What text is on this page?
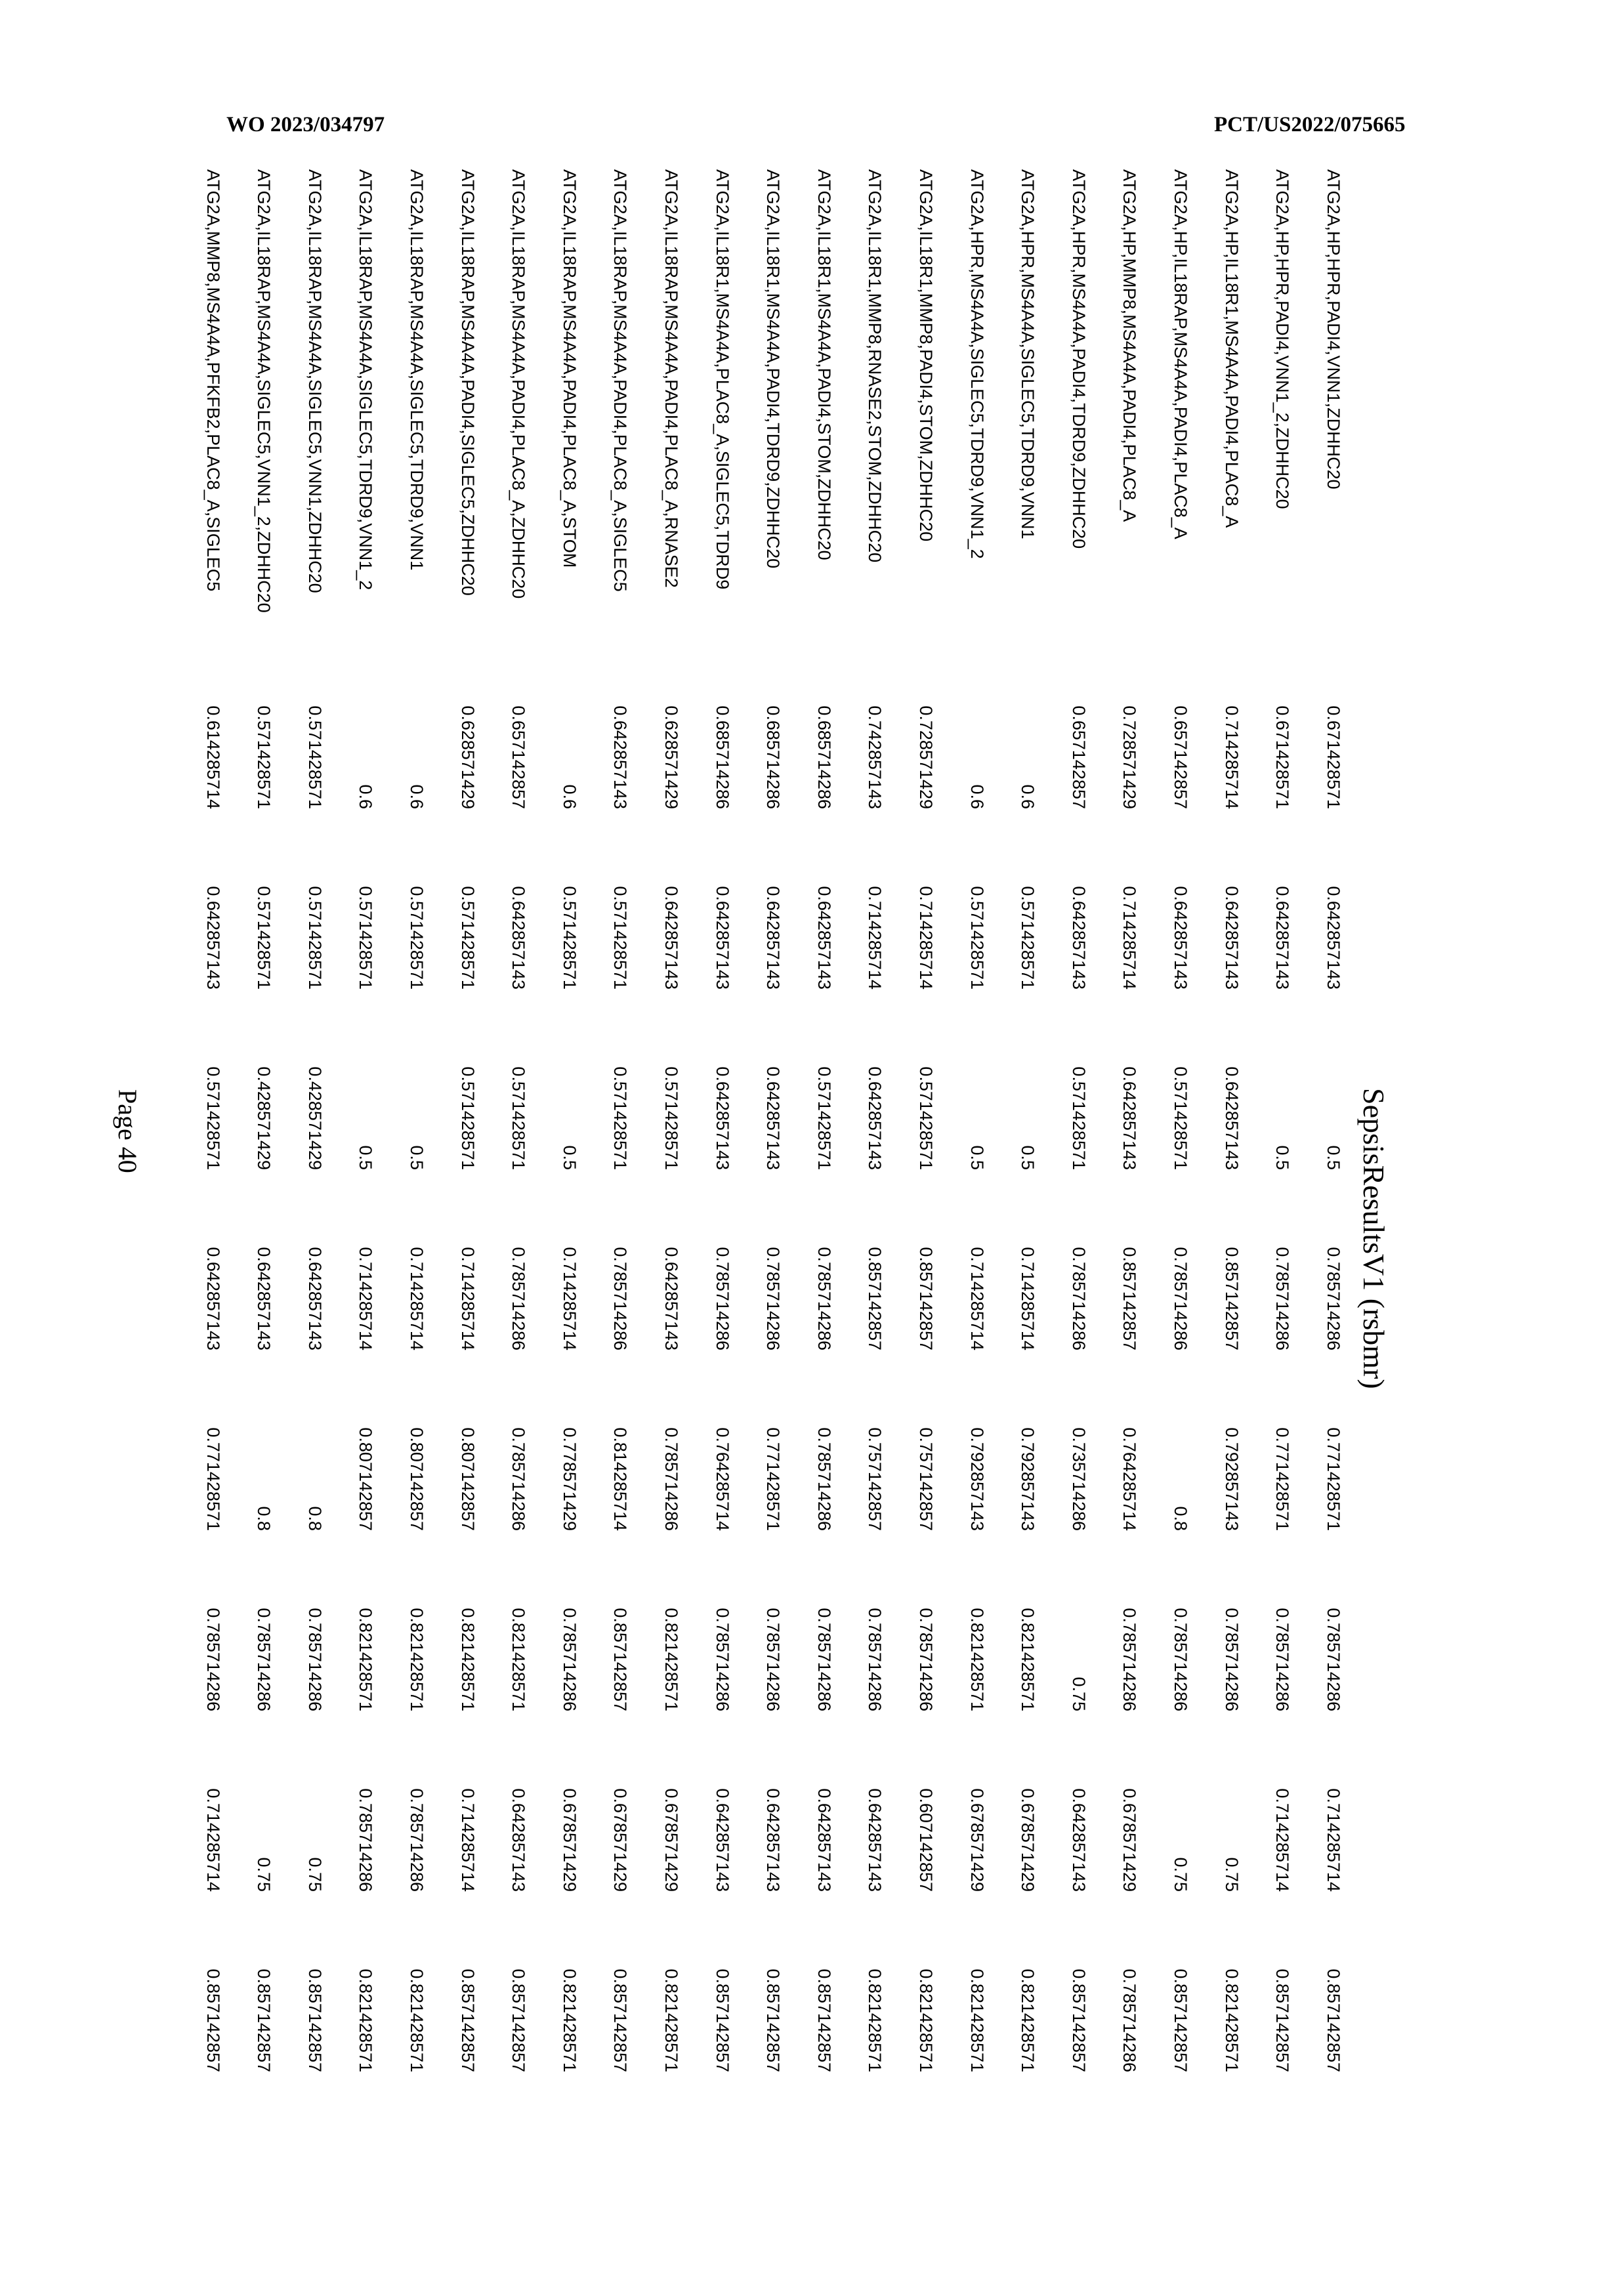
WO 2023/034797	PCT/US2022/075665
SepsisResultsV1 (rsbmr)
ATG2A,HP,HPR,PADI4,VNN1,ZDHHC20	0.671428571	0.642857143	0.5	0.785714286	0.771428571	0.785714286	0.714285714	0.857142857
ATG2A,HP,HPR,PADI4,VNN1_2,ZDHHC20	0.671428571	0.642857143	0.5	0.785714286	0.771428571	0.785714286	0.714285714	0.857142857
ATG2A,HP,IL18R1,MS4A4A,PADI4,PLAC8_A	0.714285714	0.642857143	0.642857143	0.857142857	0.792857143	0.785714286	0.75	0.821428571
ATG2A,HP,IL18RAP,MS4A4A,PADI4,PLAC8_A	0.657142857	0.642857143	0.571428571	0.785714286	0.8	0.785714286	0.75	0.857142857
ATG2A,HP,MMP8,MS4A4A,PADI4,PLAC8_A	0.728571429	0.714285714	0.642857143	0.857142857	0.764285714	0.785714286	0.678571429	0.785714286
ATG2A,HPR,MS4A4A,PADI4,TDRD9,ZDHHC20	0.657142857	0.642857143	0.571428571	0.785714286	0.735714286	0.75	0.642857143	0.857142857
ATG2A,HPR,MS4A4A,SIGLEC5,TDRD9,VNN1	0.6	0.571428571	0.5	0.714285714	0.792857143	0.821428571	0.678571429	0.821428571
ATG2A,HPR,MS4A4A,SIGLEC5,TDRD9,VNN1_2	0.6	0.571428571	0.5	0.714285714	0.792857143	0.821428571	0.678571429	0.821428571
ATG2A,IL18R1,MMP8,PADI4,STOM,ZDHHC20	0.728571429	0.714285714	0.571428571	0.857142857	0.757142857	0.785714286	0.607142857	0.821428571
ATG2A,IL18R1,MMP8,RNASE2,STOM,ZDHHC20	0.742857143	0.714285714	0.642857143	0.857142857	0.757142857	0.785714286	0.642857143	0.821428571
ATG2A,IL18R1,MS4A4A,PADI4,STOM,ZDHHC20	0.685714286	0.642857143	0.571428571	0.785714286	0.785714286	0.785714286	0.642857143	0.857142857
ATG2A,IL18R1,MS4A4A,PADI4,TDRD9,ZDHHC20	0.685714286	0.642857143	0.642857143	0.785714286	0.771428571	0.785714286	0.642857143	0.857142857
ATG2A,IL18R1,MS4A4A,PLAC8_A,SIGLEC5,TDRD9	0.685714286	0.642857143	0.642857143	0.785714286	0.764285714	0.785714286	0.642857143	0.857142857
ATG2A,IL18RAP,MS4A4A,PADI4,PLAC8_A,RNASE2	0.628571429	0.642857143	0.571428571	0.642857143	0.785714286	0.821428571	0.678571429	0.821428571
ATG2A,IL18RAP,MS4A4A,PADI4,PLAC8_A,SIGLEC5	0.642857143	0.571428571	0.571428571	0.785714286	0.814285714	0.857142857	0.678571429	0.857142857
ATG2A,IL18RAP,MS4A4A,PADI4,PLAC8_A,STOM	0.6	0.571428571	0.5	0.714285714	0.778571429	0.785714286	0.678571429	0.821428571
ATG2A,IL18RAP,MS4A4A,PADI4,PLAC8_A,ZDHHC20	0.657142857	0.642857143	0.571428571	0.785714286	0.785714286	0.821428571	0.642857143	0.857142857
ATG2A,IL18RAP,MS4A4A,PADI4,SIGLEC5,ZDHHC20	0.628571429	0.571428571	0.571428571	0.714285714	0.807142857	0.821428571	0.714285714	0.857142857
ATG2A,IL18RAP,MS4A4A,SIGLEC5,TDRD9,VNN1	0.6	0.571428571	0.5	0.714285714	0.807142857	0.821428571	0.785714286	0.821428571
ATG2A,IL18RAP,MS4A4A,SIGLEC5,TDRD9,VNN1_2	0.6	0.571428571	0.5	0.714285714	0.807142857	0.821428571	0.785714286	0.821428571
ATG2A,IL18RAP,MS4A4A,SIGLEC5,VNN1,ZDHHC20	0.571428571	0.571428571	0.428571429	0.642857143	0.8	0.785714286	0.75	0.857142857
ATG2A,IL18RAP,MS4A4A,SIGLEC5,VNN1_2,ZDHHC20	0.571428571	0.571428571	0.428571429	0.642857143	0.8	0.785714286	0.75	0.857142857
ATG2A,MMP8,MS4A4A,PFKFB2,PLAC8_A,SIGLEC5	0.614285714	0.642857143	0.571428571	0.642857143	0.771428571	0.785714286	0.714285714	0.857142857
Page 40
